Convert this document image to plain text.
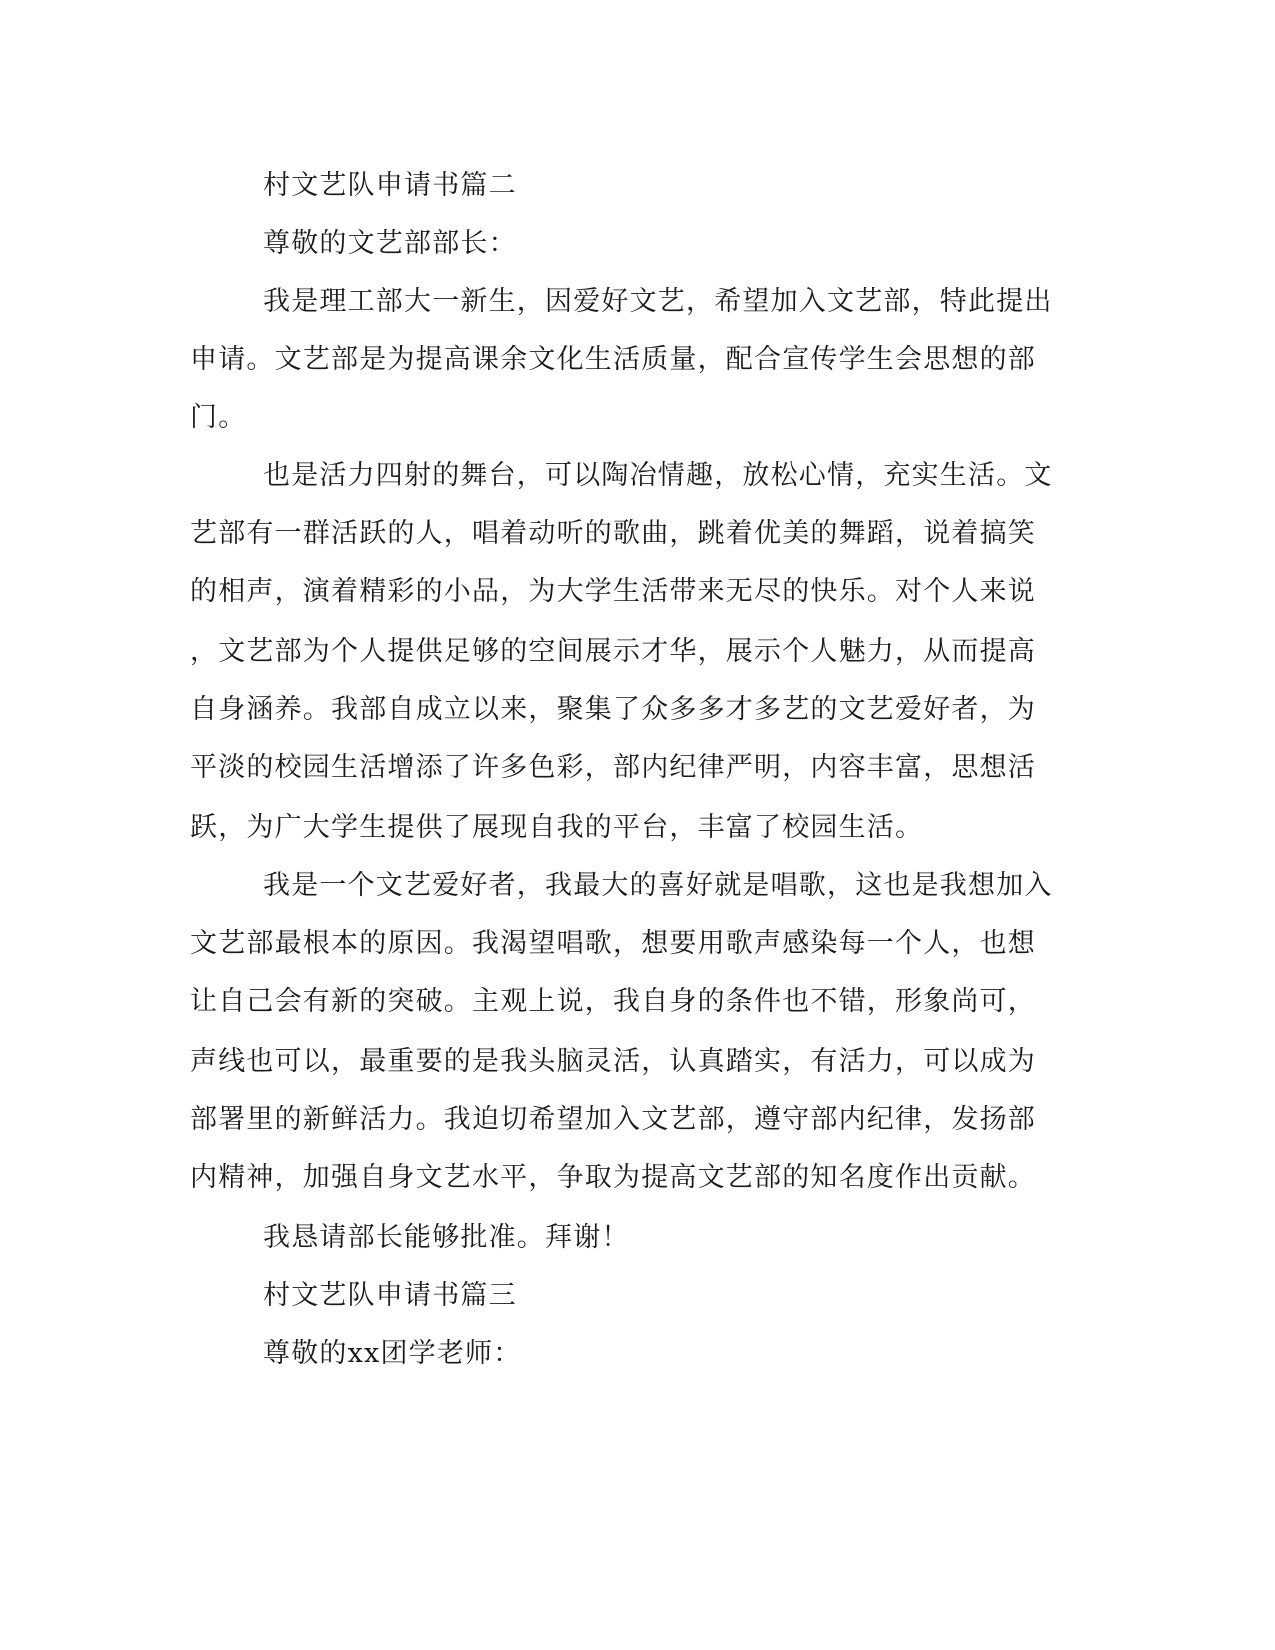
村文艺队申请书篇二
尊敬的文艺部部长：
我是理工部大一新生，因爱好文艺，希望加入文艺部，特此提出
申请。文艺部是为提高课余文化生活质量，配合宣传学生会思想的部
门。
也是活力四射的舞台，可以陶冶情趣，放松心情，充实生活。文
艺部有一群活跃的人，唱着动听的歌曲，跳着优美的舞蹈，说着搞笑
的相声，演着精彩的小品，为大学生活带来无尽的快乐。对个人来说
，文艺部为个人提供足够的空间展示才华，展示个人魅力，从而提高
自身涵养。我部自成立以来，聚集了众多多才多艺的文艺爱好者，为
平淡的校园生活增添了许多色彩，部内纪律严明，内容丰富，思想活
跃，为广大学生提供了展现自我的平台，丰富了校园生活。
我是一个文艺爱好者，我最大的喜好就是唱歌，这也是我想加入
文艺部最根本的原因。我渴望唱歌，想要用歌声感染每一个人，也想
让自己会有新的突破。主观上说，我自身的条件也不错，形象尚可，
声线也可以，最重要的是我头脑灵活，认真踏实，有活力，可以成为
部署里的新鲜活力。我迫切希望加入文艺部，遵守部内纪律，发扬部
内精神，加强自身文艺水平，争取为提高文艺部的知名度作出贡献。
我恳请部长能够批准。拜谢！
村文艺队申请书篇三
尊敬的xx团学老师：
